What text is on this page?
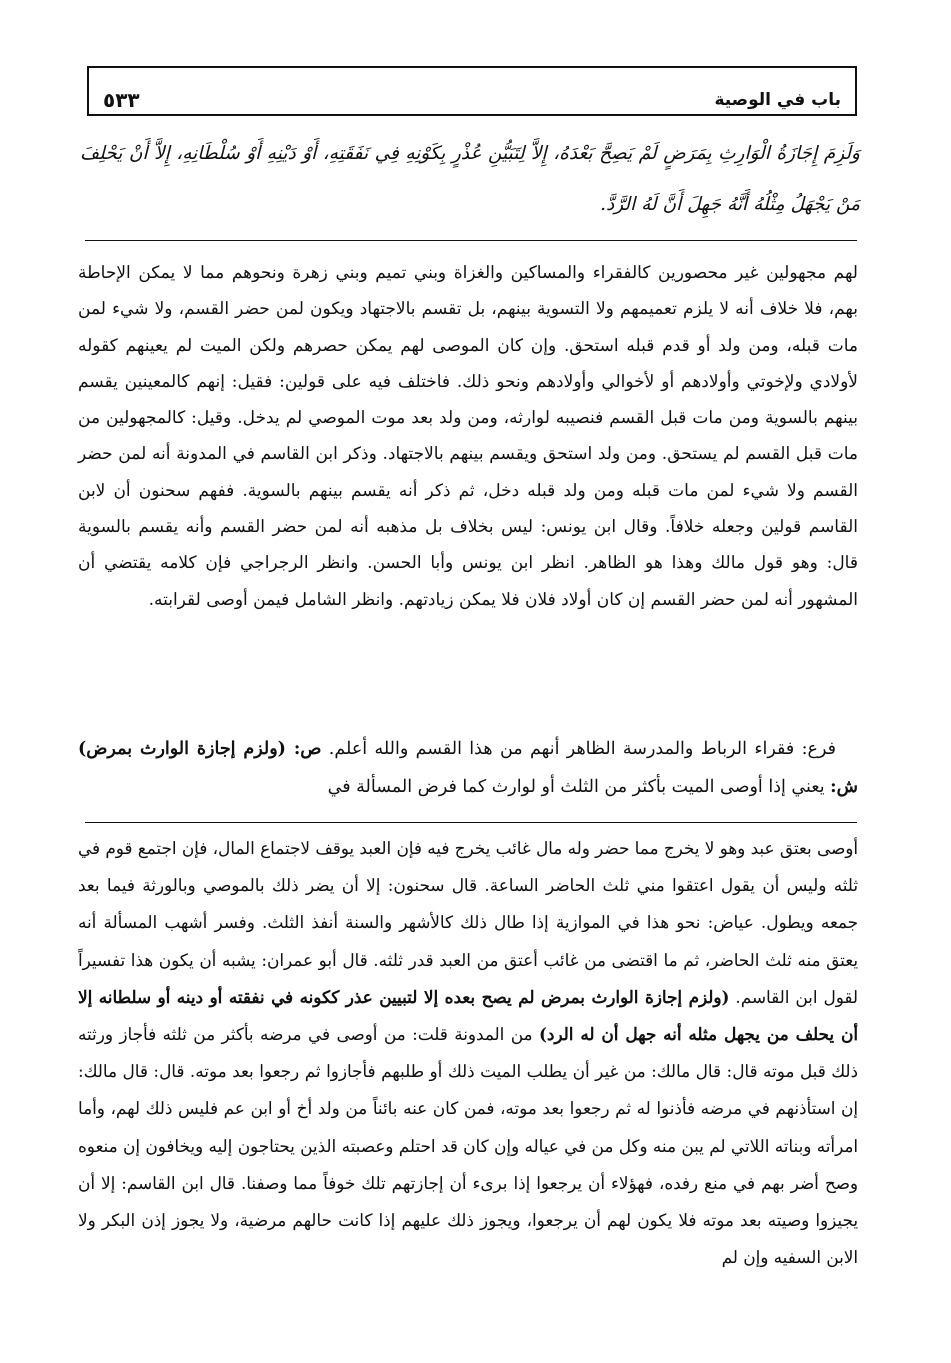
باب في الوصية
٥٣٣
وَلَزِمَ إِجَازَةُ الْوَارِثِ بِمَرَضٍ لَمْ يَصِحَّ بَعْدَهُ، إِلاَّ لِتَبَيُّنِ عُذْرٍ بِكَوْنِهِ فِي نَفَقَتِهِ، أَوْ دَيْنِهِ أَوْ سُلْطَانِهِ، إِلاَّ أَنْ يَحْلِفَ مَنْ يَجْهَلُ مِثْلُهُ أَنَّهُ جَهِلَ أَنَّ لَهُ الرَّدَّ.
لهم مجهولين غير محصورين كالفقراء والمساكين والغزاة وبني تميم وبني زهرة ونحوهم مما لا يمكن الإحاطة بهم، فلا خلاف أنه لا يلزم تعميمهم ولا التسوية بينهم، بل تقسم بالاجتهاد ويكون لمن حضر القسم، ولا شيء لمن مات قبله، ومن ولد أو قدم قبله استحق. وإن كان الموصى لهم يمكن حصرهم ولكن الميت لم يعينهم كقوله لأولادي ولإخوتي وأولادهم أو لأخوالي وأولادهم ونحو ذلك. فاختلف فيه على قولين: فقيل: إنهم كالمعينين يقسم بينهم بالسوية ومن مات قبل القسم فنصيبه لوارثه، ومن ولد بعد موت الموصي لم يدخل. وقيل: كالمجهولين من مات قبل القسم لم يستحق. ومن ولد استحق ويقسم بينهم بالاجتهاد. وذكر ابن القاسم في المدونة أنه لمن حضر القسم ولا شيء لمن مات قبله ومن ولد قبله دخل، ثم ذكر أنه يقسم بينهم بالسوية. ففهم سحنون أن لابن القاسم قولين وجعله خلافاً. وقال ابن يونس: ليس بخلاف بل مذهبه أنه لمن حضر القسم وأنه يقسم بالسوية قال: وهو قول مالك وهذا هو الظاهر. انظر ابن يونس وأبا الحسن. وانظر الرجراجي فإن كلامه يقتضي أن المشهور أنه لمن حضر القسم إن كان أولاد فلان فلا يمكن زيادتهم. وانظر الشامل فيمن أوصى لقرابته.
فرع: فقراء الرباط والمدرسة الظاهر أنهم من هذا القسم والله أعلم. ص: (ولزم إجازة الوارث بمرض) ش: يعني إذا أوصى الميت بأكثر من الثلث أو لوارث كما فرض المسألة في
أوصى بعتق عبد وهو لا يخرج مما حضر وله مال غائب يخرج فيه فإن العبد يوقف لاجتماع المال، فإن اجتمع قوم في ثلثه وليس أن يقول اعتقوا مني ثلث الحاضر الساعة. قال سحنون: إلا أن يضر ذلك بالموصي وبالورثة فيما بعد جمعه ويطول. عياض: نحو هذا في الموازية إذا طال ذلك كالأشهر والسنة أنفذ الثلث. وفسر أشهب المسألة أنه يعتق منه ثلث الحاضر، ثم ما اقتضى من غائب أعتق من العبد قدر ثلثه. قال أبو عمران: يشبه أن يكون هذا تفسيراً لقول ابن القاسم. (ولزم إجازة الوارث بمرض لم يصح بعده إلا لتبيين عذر ككونه في نفقته أو دينه أو سلطانه إلا أن يحلف من يجهل مثله أنه جهل أن له الرد) من المدونة قلت: من أوصى في مرضه بأكثر من ثلثه فأجاز ورثته ذلك قبل موته قال: قال مالك: من غير أن يطلب الميت ذلك أو طلبهم فأجازوا ثم رجعوا بعد موته. قال: قال مالك: إن استأذنهم في مرضه فأذنوا له ثم رجعوا بعد موته، فمن كان عنه بائناً من ولد أخ أو ابن عم فليس ذلك لهم، وأما امرأته وبناته اللاتي لم يبن منه وكل من في عياله وإن كان قد احتلم وعصبته الذين يحتاجون إليه ويخافون إن منعوه وصح أضر بهم في منع رفده، فهؤلاء أن يرجعوا إذا برىء أن إجازتهم تلك خوفاً مما وصفنا. قال ابن القاسم: إلا أن يجيزوا وصيته بعد موته فلا يكون لهم أن يرجعوا، ويجوز ذلك عليهم إذا كانت حالهم مرضية، ولا يجوز إذن البكر ولا الابن السفيه وإن لم
